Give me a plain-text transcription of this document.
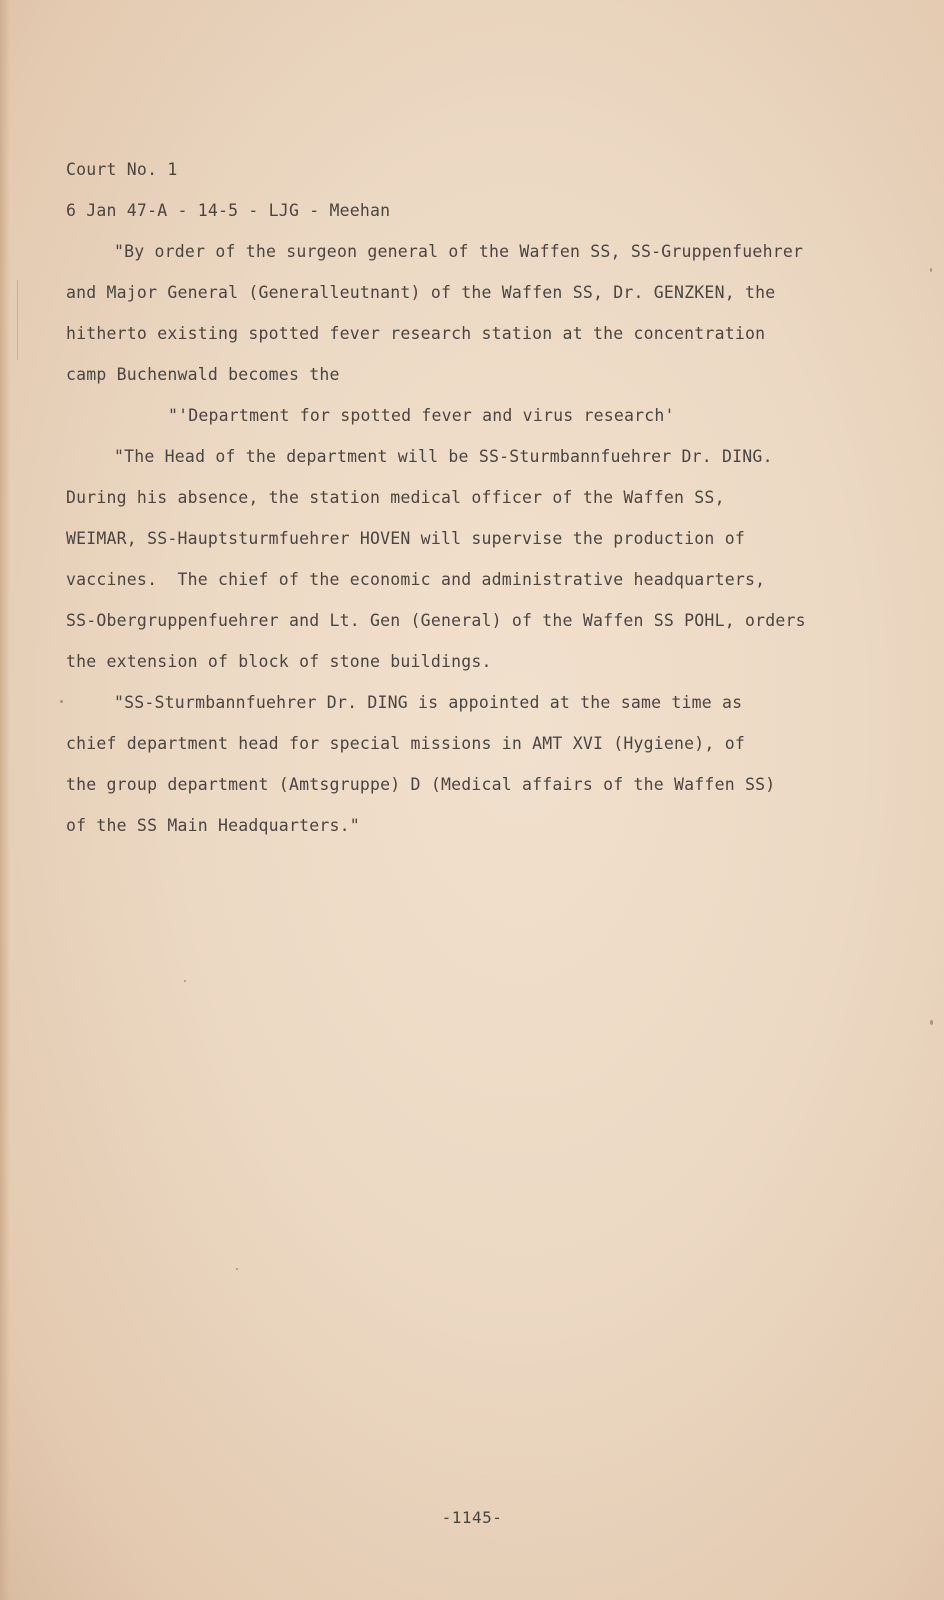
Court No. 1
6 Jan 47-A - 14-5 - LJG - Meehan
"By order of the surgeon general of the Waffen SS, SS-Gruppenfuehrer
and Major General (Generalleutnant) of the Waffen SS, Dr. GENZKEN, the
hitherto existing spotted fever research station at the concentration
camp Buchenwald becomes the
"'Department for spotted fever and virus research'
"The Head of the department will be SS-Sturmbannfuehrer Dr. DING.
During his absence, the station medical officer of the Waffen SS,
WEIMAR, SS-Hauptsturmfuehrer HOVEN will supervise the production of
vaccines.  The chief of the economic and administrative headquarters,
SS-Obergruppenfuehrer and Lt. Gen (General) of the Waffen SS POHL, orders
the extension of block of stone buildings.
"SS-Sturmbannfuehrer Dr. DING is appointed at the same time as
chief department head for special missions in AMT XVI (Hygiene), of
the group department (Amtsgruppe) D (Medical affairs of the Waffen SS)
of the SS Main Headquarters."
-1145-
